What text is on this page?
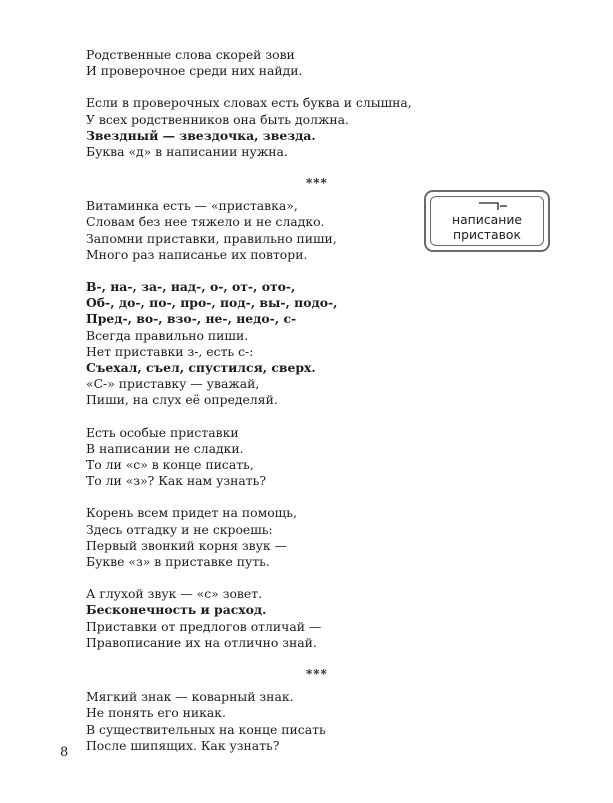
Родственные слова скорей зови
И проверочное среди них найди.
Если в проверочных словах есть буква и слышна,
У всех родственников она быть должна.
Звездный — звездочка, звезда.
Буква «д» в написании нужна.
***
Витаминка есть — «приставка»,
Словам без нее тяжело и не сладко.
Запомни приставки, правильно пиши,
Много раз написанье их повтори.
В-, на-, за-, над-, о-, от-, ото-,
Об-, до-, по-, про-, под-, вы-, подо-,
Пред-, во-, взо-, не-, недо-, с-
Всегда правильно пиши.
Нет приставки з-, есть с-:
Съехал, съел, спустился, сверх.
«С-» приставку — уважай,
Пиши, на слух её определяй.
Есть особые приставки
В написании не сладки.
То ли «с» в конце писать,
То ли «з»? Как нам узнать?
Корень всем придет на помощь,
Здесь отгадку и не скроешь:
Первый звонкий корня звук —
Букве «з» в приставке путь.
А глухой звук — «с» зовет.
Бесконечность и расход.
Приставки от предлогов отличай —
Правописание их на отлично знай.
***
Мягкий знак — коварный знак.
Не понять его никак.
В существительных на конце писать
После шипящих. Как узнать?
написание
приставок
8
